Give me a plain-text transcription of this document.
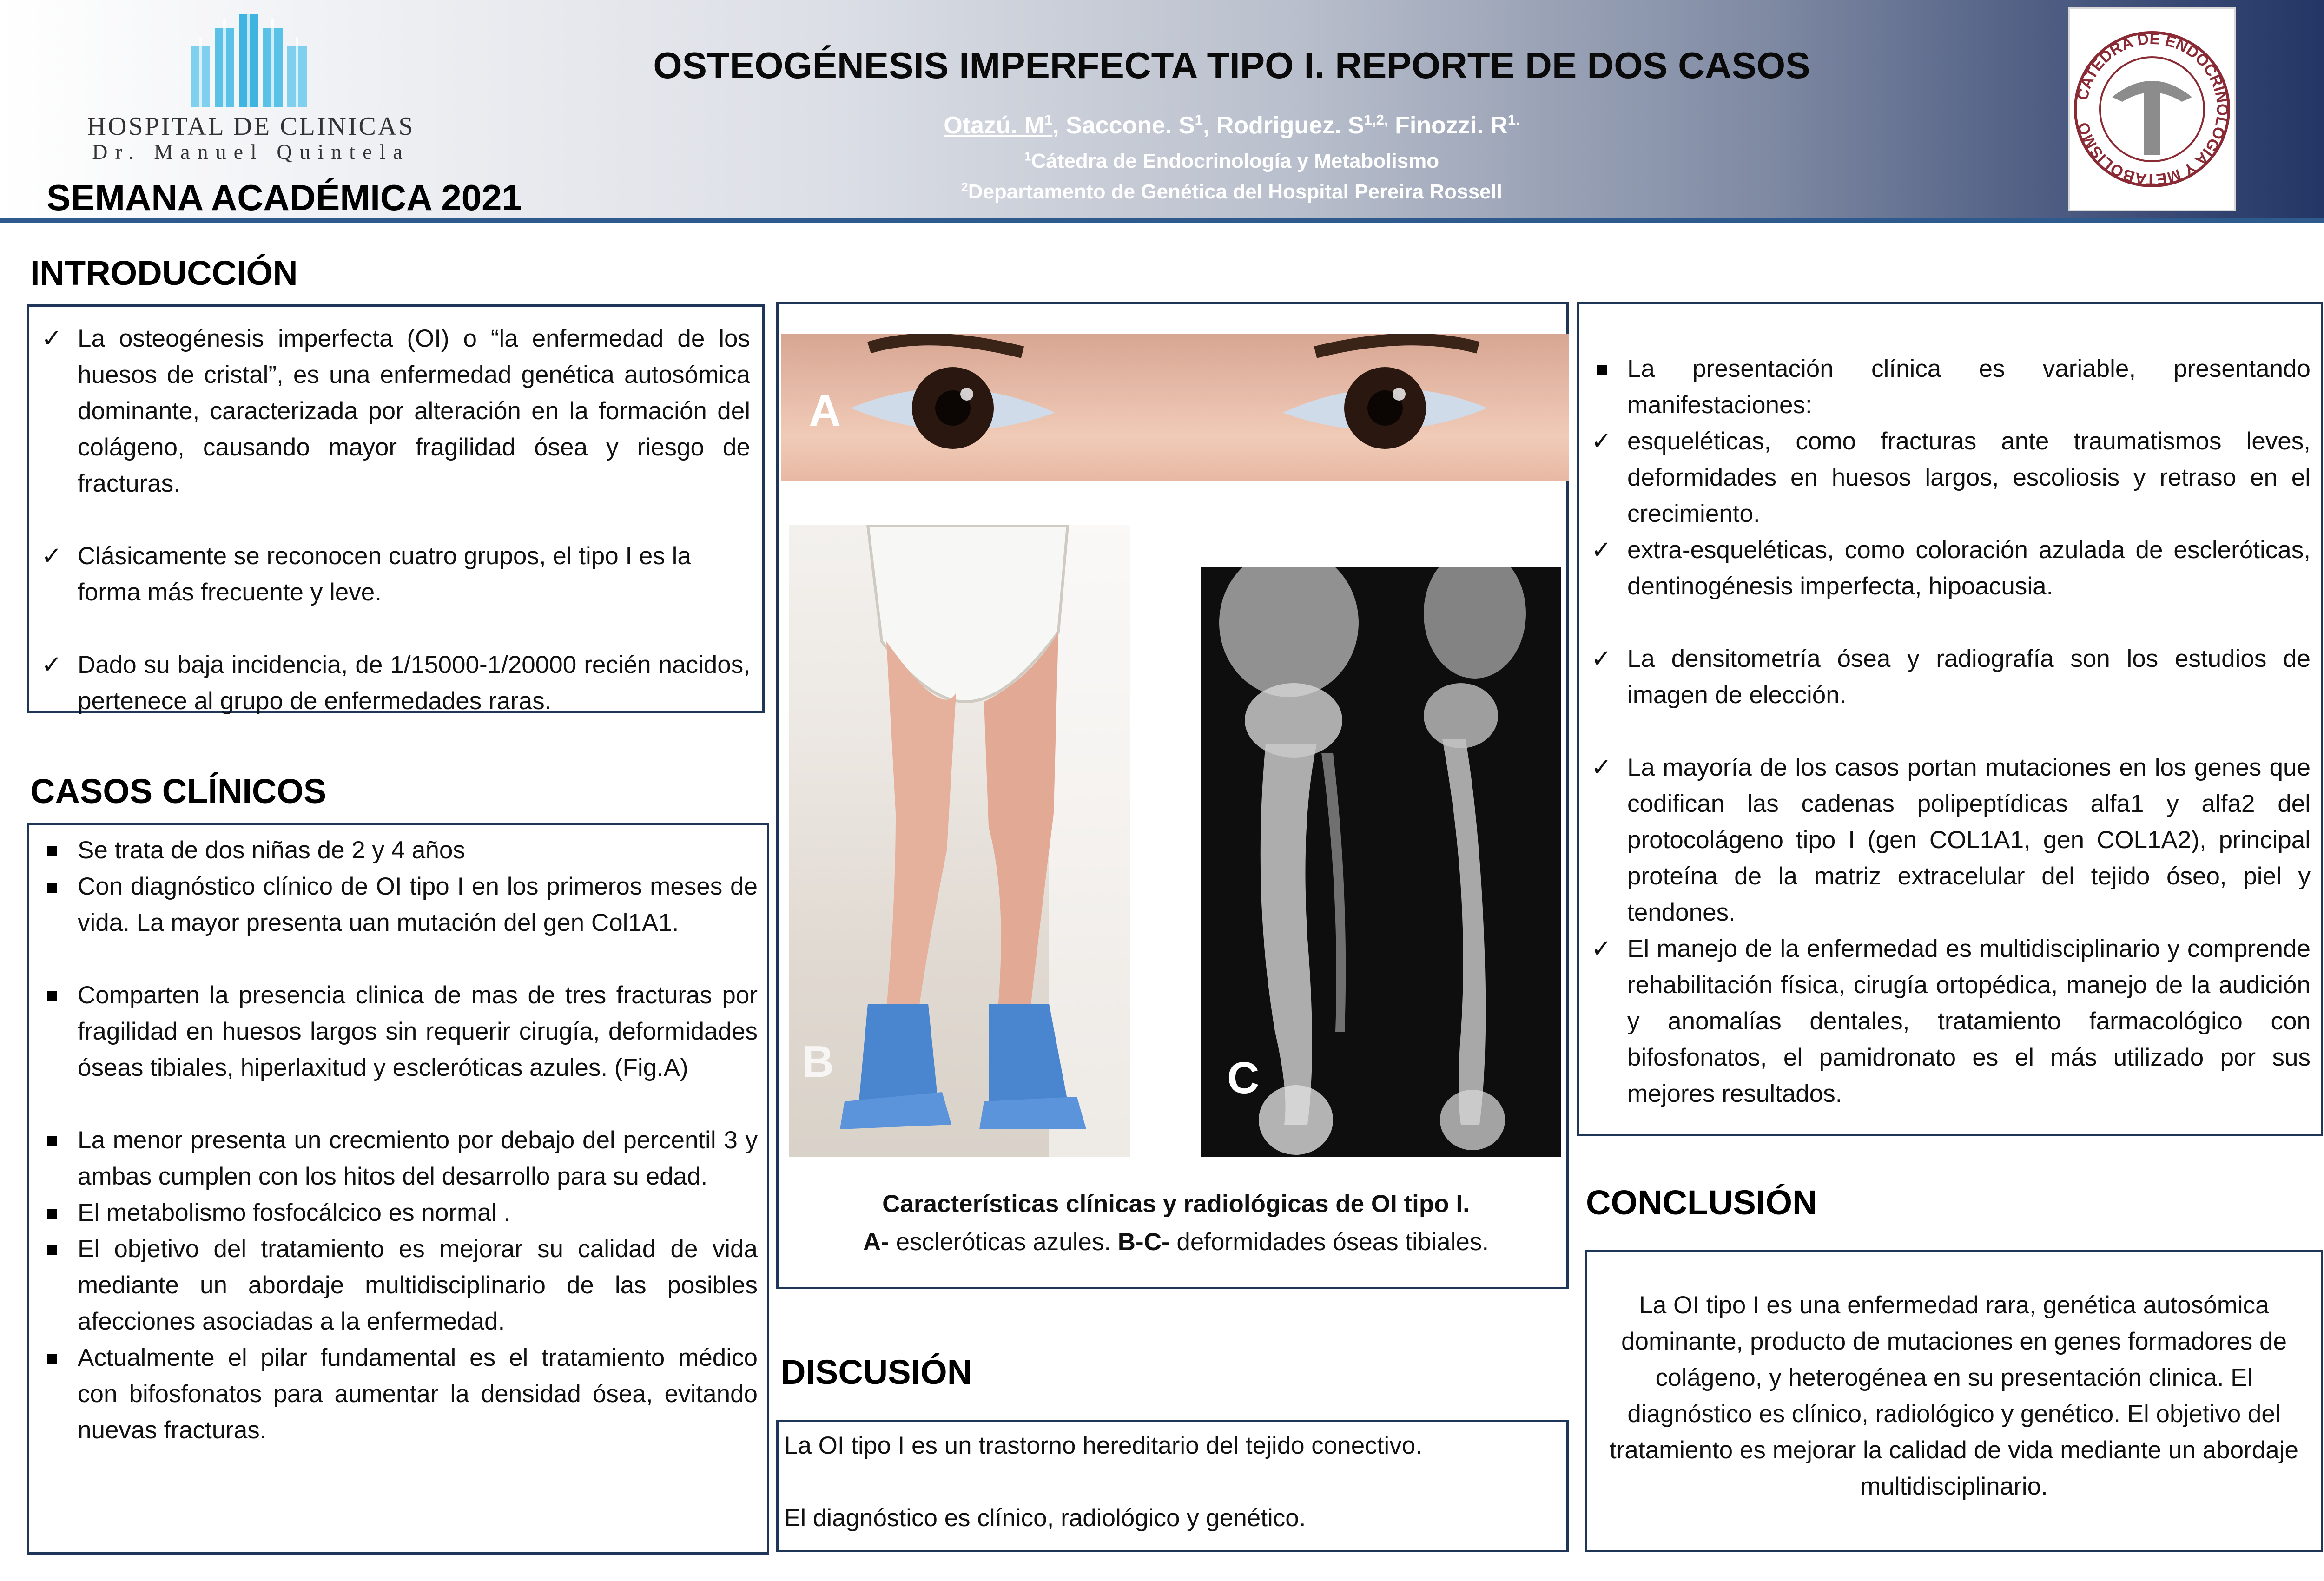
HOSPITAL DE CLINICAS
Dr. Manuel Quintela
SEMANA ACADÉMICA 2021
OSTEOGÉNESIS IMPERFECTA TIPO I. REPORTE DE DOS CASOS
Otazú. $M^1$, Saccone. $S^1$, Rodriguez. $S^{1,2,}$ Finozzi. $R^{1.}$
$^1$Cátedra de Endocrinología y Metabolismo
$^2$Departamento de Genética del Hospital Pereira Rossell
CATEDRA DE ENDOCRINOLOGIA Y METABOLISMO
INTRODUCCIÓN
✓ La osteogénesis imperfecta (OI) o “la enfermedad de los huesos de cristal”, es una enfermedad genética autosómica dominante, caracterizada por alteración en la formación del colágeno, causando mayor fragilidad ósea y riesgo de fracturas.
✓ Clásicamente se reconocen cuatro grupos, el tipo I es la forma más frecuente y leve.
✓ Dado su baja incidencia, de 1/15000-1/20000 recién nacidos, pertenece al grupo de enfermedades raras.
CASOS CLÍNICOS
Se trata de dos niñas de 2 y 4 años
Con diagnóstico clínico de OI tipo I en los primeros meses de vida. La mayor presenta uan mutación del gen Col1A1.
Comparten la presencia clinica de mas de tres fracturas por fragilidad en huesos largos sin requerir cirugía, deformidades óseas tibiales, hiperlaxitud y escleróticas azules. (Fig.A)
La menor presenta un crecmiento por debajo del percentil 3 y ambas cumplen con los hitos del desarrollo para su edad.
El metabolismo fosfocálcico es normal .
El objetivo del tratamiento es mejorar su calidad de vida mediante un abordaje multidisciplinario de las posibles afecciones asociadas a la enfermedad.
Actualmente el pilar fundamental es el tratamiento médico con bifosfonatos para aumentar la densidad ósea, evitando nuevas fracturas.
A
B	C
Características clínicas y radiológicas de OI tipo I.
A- escleróticas azules. B-C- deformidades óseas tibiales.
DISCUSIÓN

La OI tipo I es un trastorno hereditario del tejido conectivo.

El diagnóstico es clínico, radiológico y genético.

La presentación clínica es variable, presentando manifestaciones:
✓ esqueléticas, como fracturas ante traumatismos leves, deformidades en huesos largos, escoliosis y retraso en el crecimiento.
✓ extra-esqueléticas, como coloración azulada de escleróticas, dentinogénesis imperfecta, hipoacusia.
✓ La densitometría ósea y radiografía son los estudios de imagen de elección.
✓ La mayoría de los casos portan mutaciones en los genes que codifican las cadenas polipeptídicas alfa1 y alfa2 del protocolágeno tipo I (gen COL1A1, gen COL1A2), principal proteína de la matriz extracelular del tejido óseo, piel y tendones.
✓ El manejo de la enfermedad es multidisciplinario y comprende rehabilitación física, cirugía ortopédica, manejo de la audición y anomalías dentales, tratamiento farmacológico con bifosfonatos, el pamidronato es el más utilizado por sus mejores resultados.
CONCLUSIÓN

La OI tipo I es una enfermedad rara, genética autosómica dominante, producto de mutaciones en genes formadores de colágeno, y heterogénea en su presentación clinica. El diagnóstico es clínico, radiológico y genético. El objetivo del tratamiento es mejorar la calidad de vida mediante un abordaje multidisciplinario.
